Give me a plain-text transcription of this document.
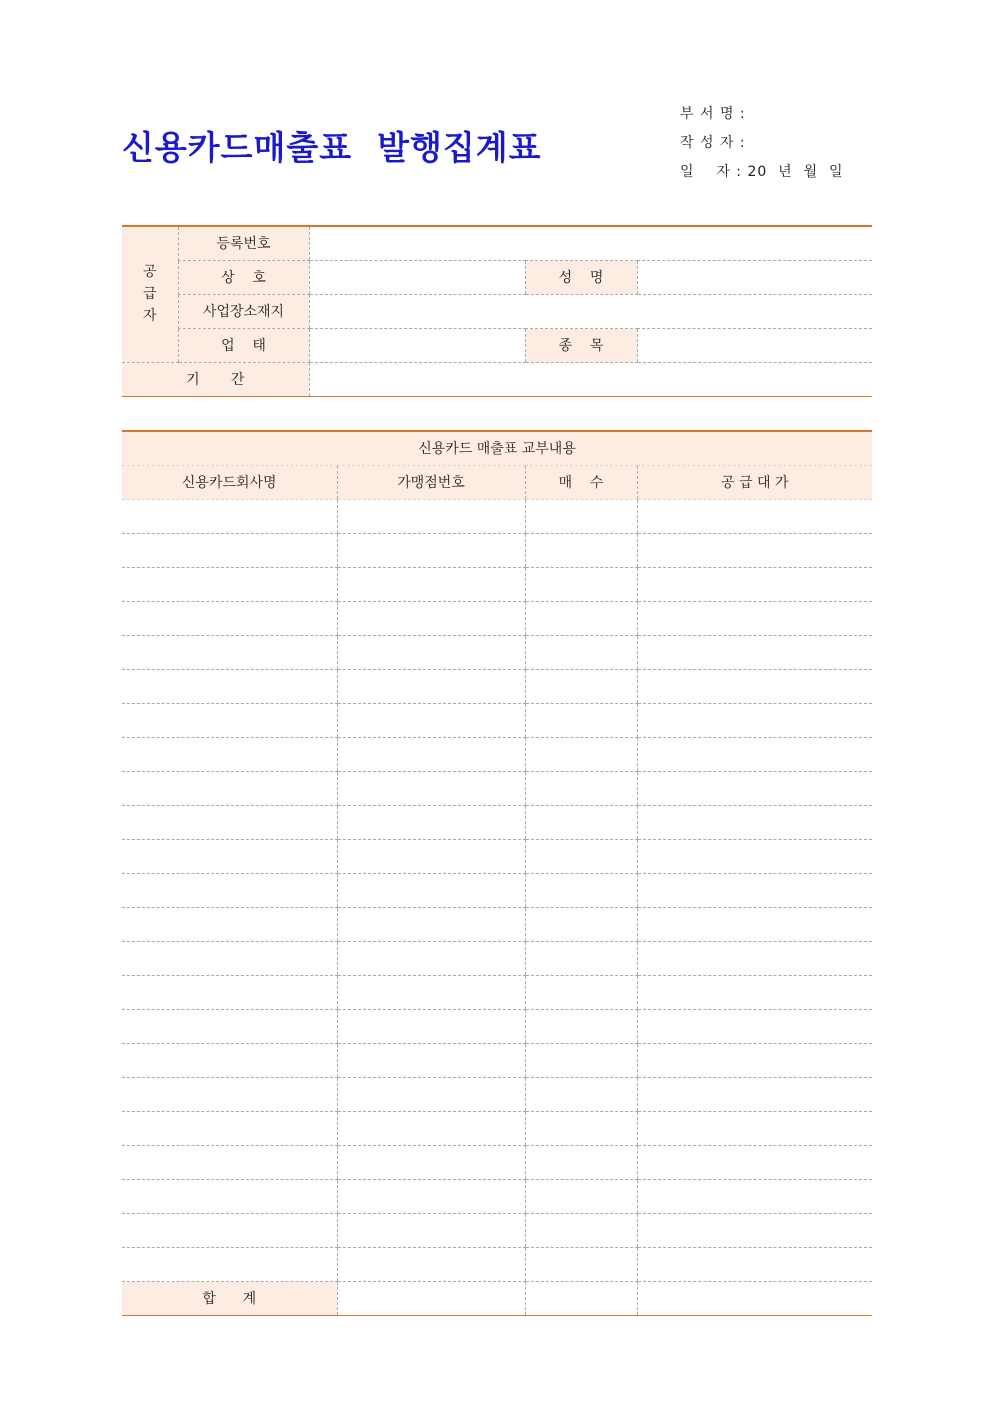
신용카드매출표  발행집계표
부 서 명 :
작 성 자 :
일    자 : 20  년  월  일
공
급
자	등록번호			
	상    호		성    명	
	사업장소재지			
	업    태		종    목	
기       간				
신용카드 매출표 교부내용			
신용카드회사명	가맹점번호	매    수	공 급 대 가

합      계			
